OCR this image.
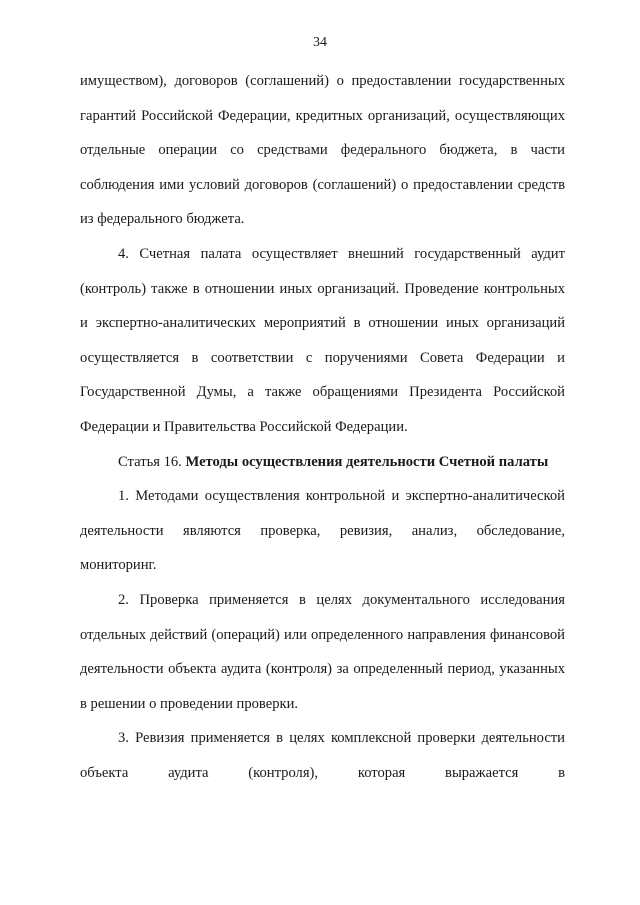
34

имуществом), договоров (соглашений) о предоставлении государственных гарантий Российской Федерации, кредитных организаций, осуществляющих отдельные операции со средствами федерального бюджета, в части соблюдения ими условий договоров (соглашений) о предоставлении средств из федерального бюджета.

4. Счетная палата осуществляет внешний государственный аудит (контроль) также в отношении иных организаций. Проведение контрольных и экспертно-аналитических мероприятий в отношении иных организаций осуществляется в соответствии с поручениями Совета Федерации и Государственной Думы, а также обращениями Президента Российской Федерации и Правительства Российской Федерации.

Статья 16. Методы осуществления деятельности Счетной палаты

1. Методами осуществления контрольной и экспертно-аналитической деятельности являются проверка, ревизия, анализ, обследование, мониторинг.

2. Проверка применяется в целях документального исследования отдельных действий (операций) или определенного направления финансовой деятельности объекта аудита (контроля) за определенный период, указанных в решении о проведении проверки.

3. Ревизия применяется в целях комплексной проверки деятельности объекта аудита (контроля), которая выражается в
